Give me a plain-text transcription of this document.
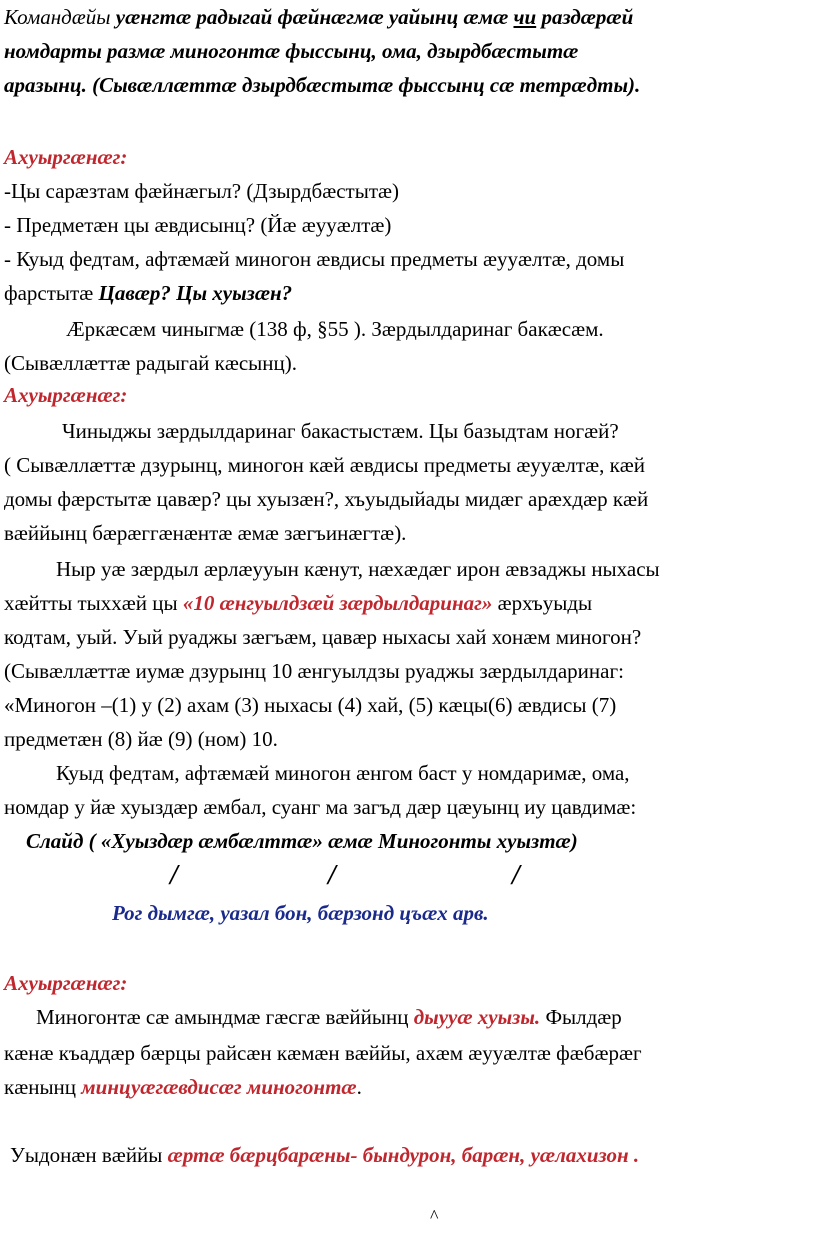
Командæйы уæнгтæ радыгай фæйнæгмæ уайынц æмæ чи раздæрæй
номдарты размæ миногонтæ фыссынц, ома, дзырдбæстытæ
аразынц. (Сывæллæттæ дзырдбæстытæ фыссынц сæ тетрæдты).
Ахуыргæнæг:
-Цы сарæзтам фæйнæгыл? (Дзырдбæстытæ)
- Предметæн цы æвдисынц? (Йæ æууæлтæ)
- Куыд федтам, афтæмæй миногон æвдисы предметы æууæлтæ, домы
фарстытæ Цавæр? Цы хуызæн?
Æркæсæм чиныгмæ (138 ф, §55 ). Зæрдылдаринаг бакæсæм.
(Сывæллæттæ радыгай кæсынц).
Ахуыргæнæг:
Чиныджы зæрдылдаринаг бакастыстæм. Цы базыдтам ногæй?
( Сывæллæттæ дзурынц, миногон кæй æвдисы предметы æууæлтæ, кæй
домы фæрстытæ цавæр? цы хуызæн?, хъуыдыйады мидæг арæхдæр кæй
вæййынц бæрæггæнæнтæ æмæ зæгъинæгтæ).
Ныр уæ зæрдыл æрлæууын кæнут, нæхæдæг ирон æвзаджы ныхасы
хæйтты тыххæй цы «10 æнгуылдзæй зæрдылдаринаг» æрхъуыды
кодтам, уый. Уый руаджы зæгъæм, цавæр ныхасы хай хонæм миногон?
(Сывæллæттæ иумæ дзурынц 10 æнгуылдзы руаджы зæрдылдаринаг:
«Миногон –(1) у (2) ахам (3) ныхасы (4) хай, (5) кæцы(6) æвдисы (7)
предметæн (8) йæ (9) (ном) 10.
Куыд федтам, афтæмæй миногон æнгом баст у номдаримæ, ома,
номдар у йæ хуыздæр æмбал, суанг ма загъд дæр цæуынц иу цавдимæ:
Слайд ( «Хуыздæр æмбæлттæ» æмæ Миногонты хуызтæ)
/	/	/
Рог дымгæ, уазал бон, бæрзонд цъæх арв.
Ахуыргæнæг:
Миногонтæ сæ амындмæ гæсгæ вæййынц дыууæ хуызы. Фылдæр
кæнæ къаддæр бæрцы райсæн кæмæн вæййы, ахæм æууæлтæ фæбæрæг
кæнынц минцуæгæвдисæг миногонтæ.
Уыдонæн вæййы æртæ бæрцбарæны- бындурон, барæн, уæлахизон .
^
